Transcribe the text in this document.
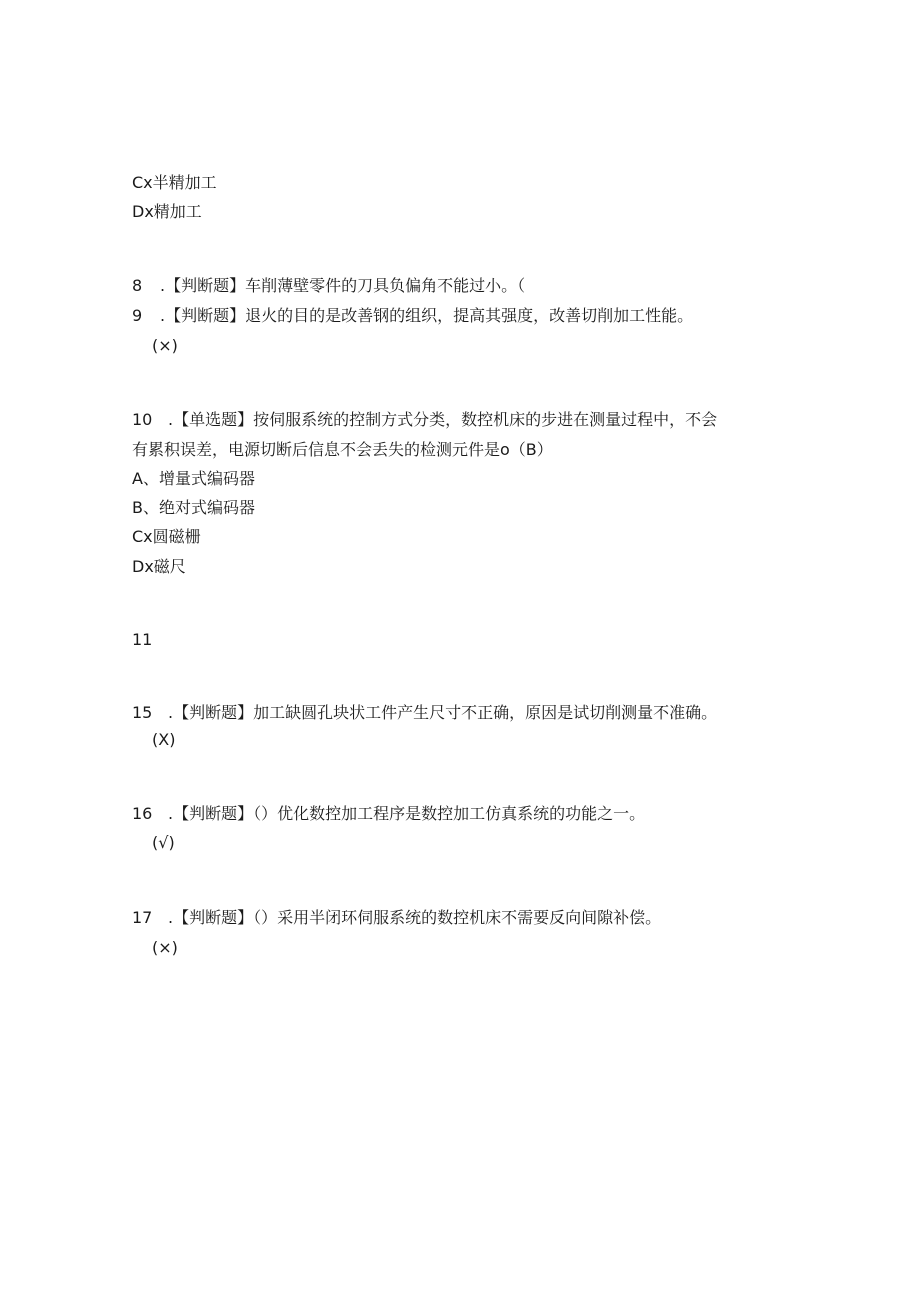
Cx半精加工
Dx精加工
8 .【判断题】车削薄壁零件的刀具负偏角不能过小。（
9 .【判断题】退火的目的是改善钢的组织，提高其强度，改善切削加工性能。
(×)
10 .【单选题】按伺服系统的控制方式分类，数控机床的步进在测量过程中，不会
有累积误差，电源切断后信息不会丢失的检测元件是o（B）
A、增量式编码器
B、绝对式编码器
Cx圆磁栅
Dx磁尺
11
15 .【判断题】加工缺圆孔块状工件产生尺寸不正确，原因是试切削测量不准确。
(X)
16 .【判断题】（）优化数控加工程序是数控加工仿真系统的功能之一。
(√)
17 .【判断题】（）采用半闭环伺服系统的数控机床不需要反向间隙补偿。
(×)
